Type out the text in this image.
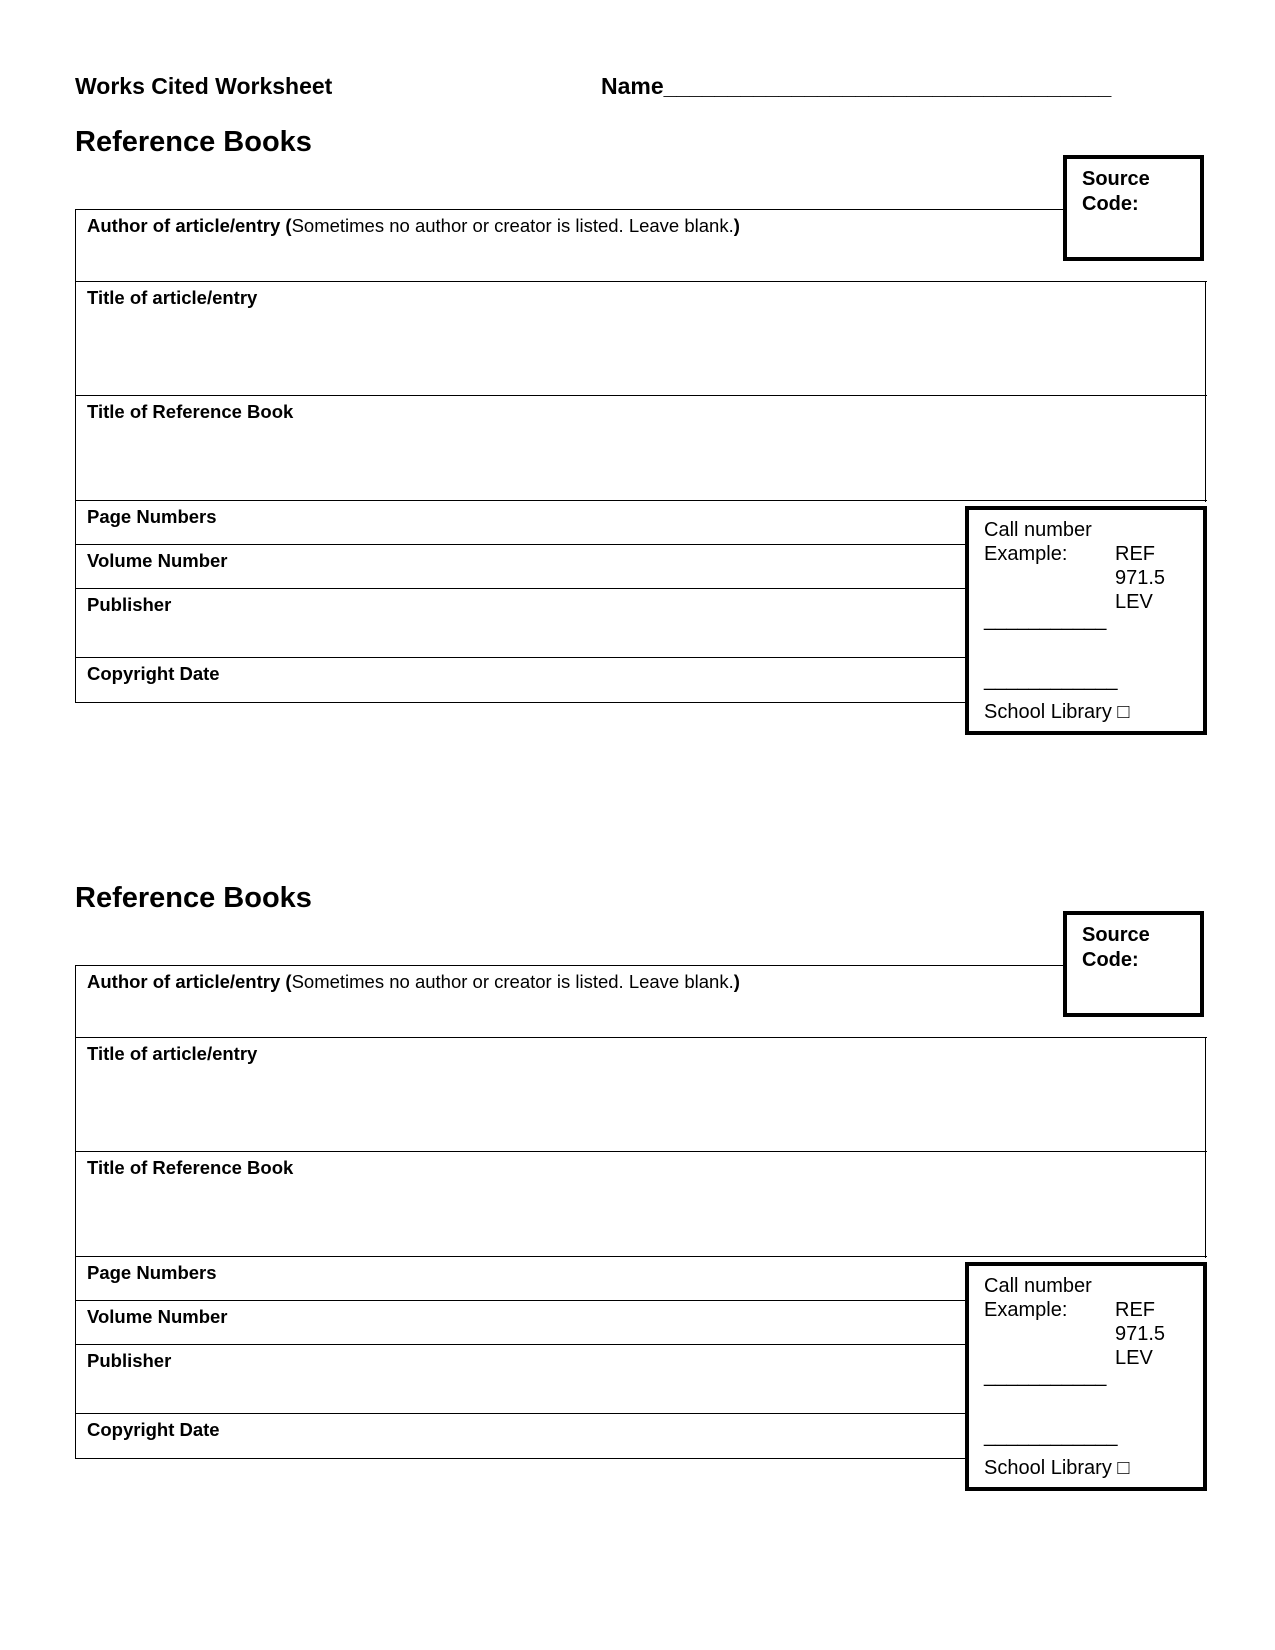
Works Cited Worksheet	Name___________________________________
Reference Books
Author of article/entry (Sometimes no author or creator is listed. Leave blank.)
Title of article/entry
Title of Reference Book
Page Numbers
Volume Number
Publisher
Copyright Date
Source
Code:
Call number
Example: REF
971.5
LEV
___________
____________
School Library □
Reference Books
Author of article/entry (Sometimes no author or creator is listed. Leave blank.)
Title of article/entry
Title of Reference Book
Page Numbers
Volume Number
Publisher
Copyright Date
Source
Code:
Call number
Example: REF
971.5
LEV
___________
____________
School Library □
